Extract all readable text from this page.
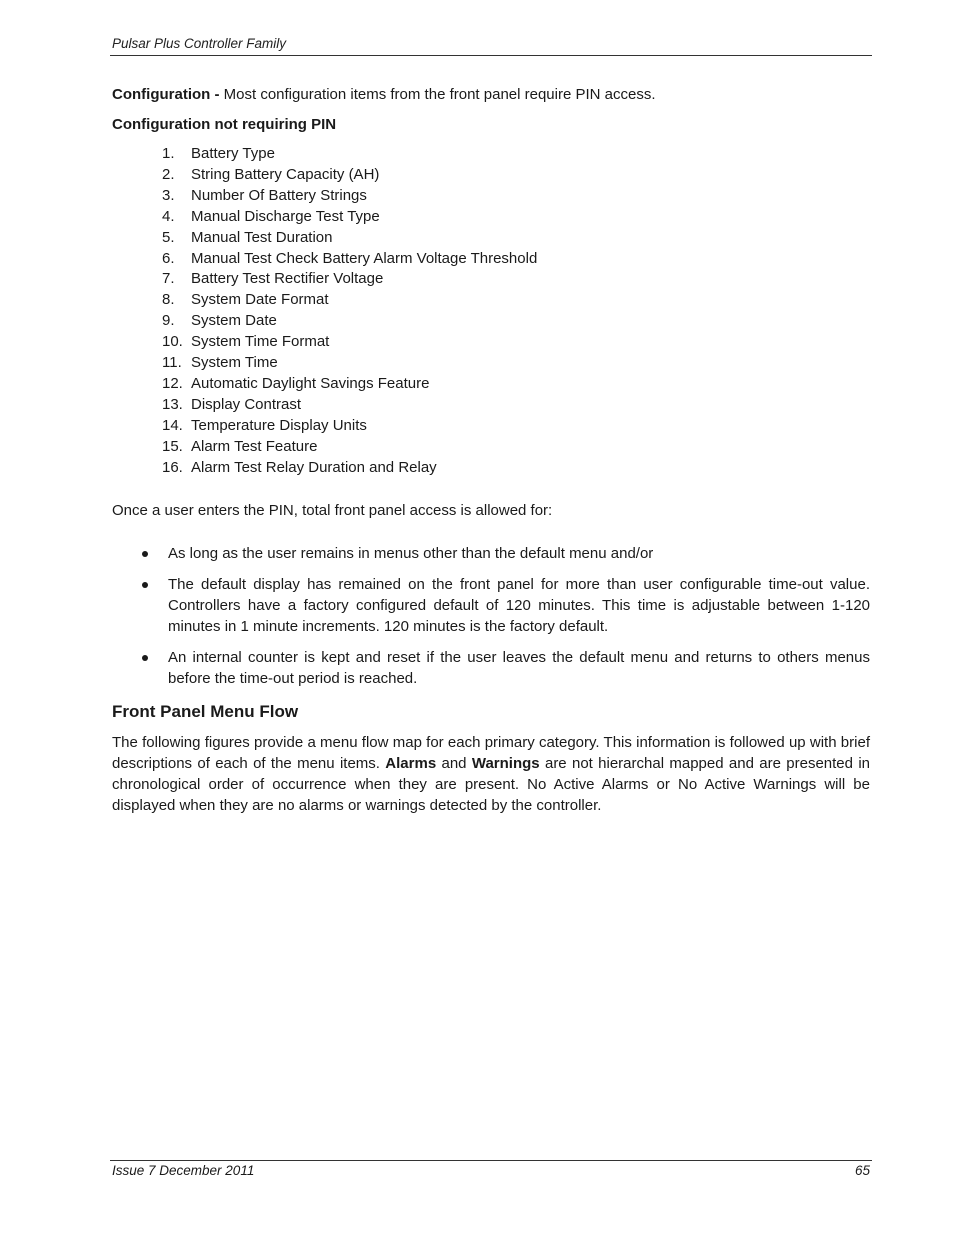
Pulsar Plus Controller Family

Configuration - Most configuration items from the front panel require PIN access.

Configuration not requiring PIN

1. Battery Type
2. String Battery Capacity (AH)
3. Number Of Battery Strings
4. Manual Discharge Test Type
5. Manual Test Duration
6. Manual Test Check Battery Alarm Voltage Threshold
7. Battery Test Rectifier Voltage
8. System Date Format
9. System Date
10. System Time Format
11. System Time
12. Automatic Daylight Savings Feature
13. Display Contrast
14. Temperature Display Units
15. Alarm Test Feature
16. Alarm Test Relay Duration and Relay

Once a user enters the PIN, total front panel access is allowed for:

As long as the user remains in menus other than the default menu and/or
The default display has remained on the front panel for more than user configurable time-out value. Controllers have a factory configured default of 120 minutes. This time is adjustable between 1-120 minutes in 1 minute increments. 120 minutes is the factory default.
An internal counter is kept and reset if the user leaves the default menu and returns to others menus before the time-out period is reached.
Front Panel Menu Flow

The following figures provide a menu flow map for each primary category. This information is followed up with brief descriptions of each of the menu items. Alarms and Warnings are not hierarchal mapped and are presented in chronological order of occurrence when they are present. No Active Alarms or No Active Warnings will be displayed when they are no alarms or warnings detected by the controller.

Issue 7 December 2011	65
